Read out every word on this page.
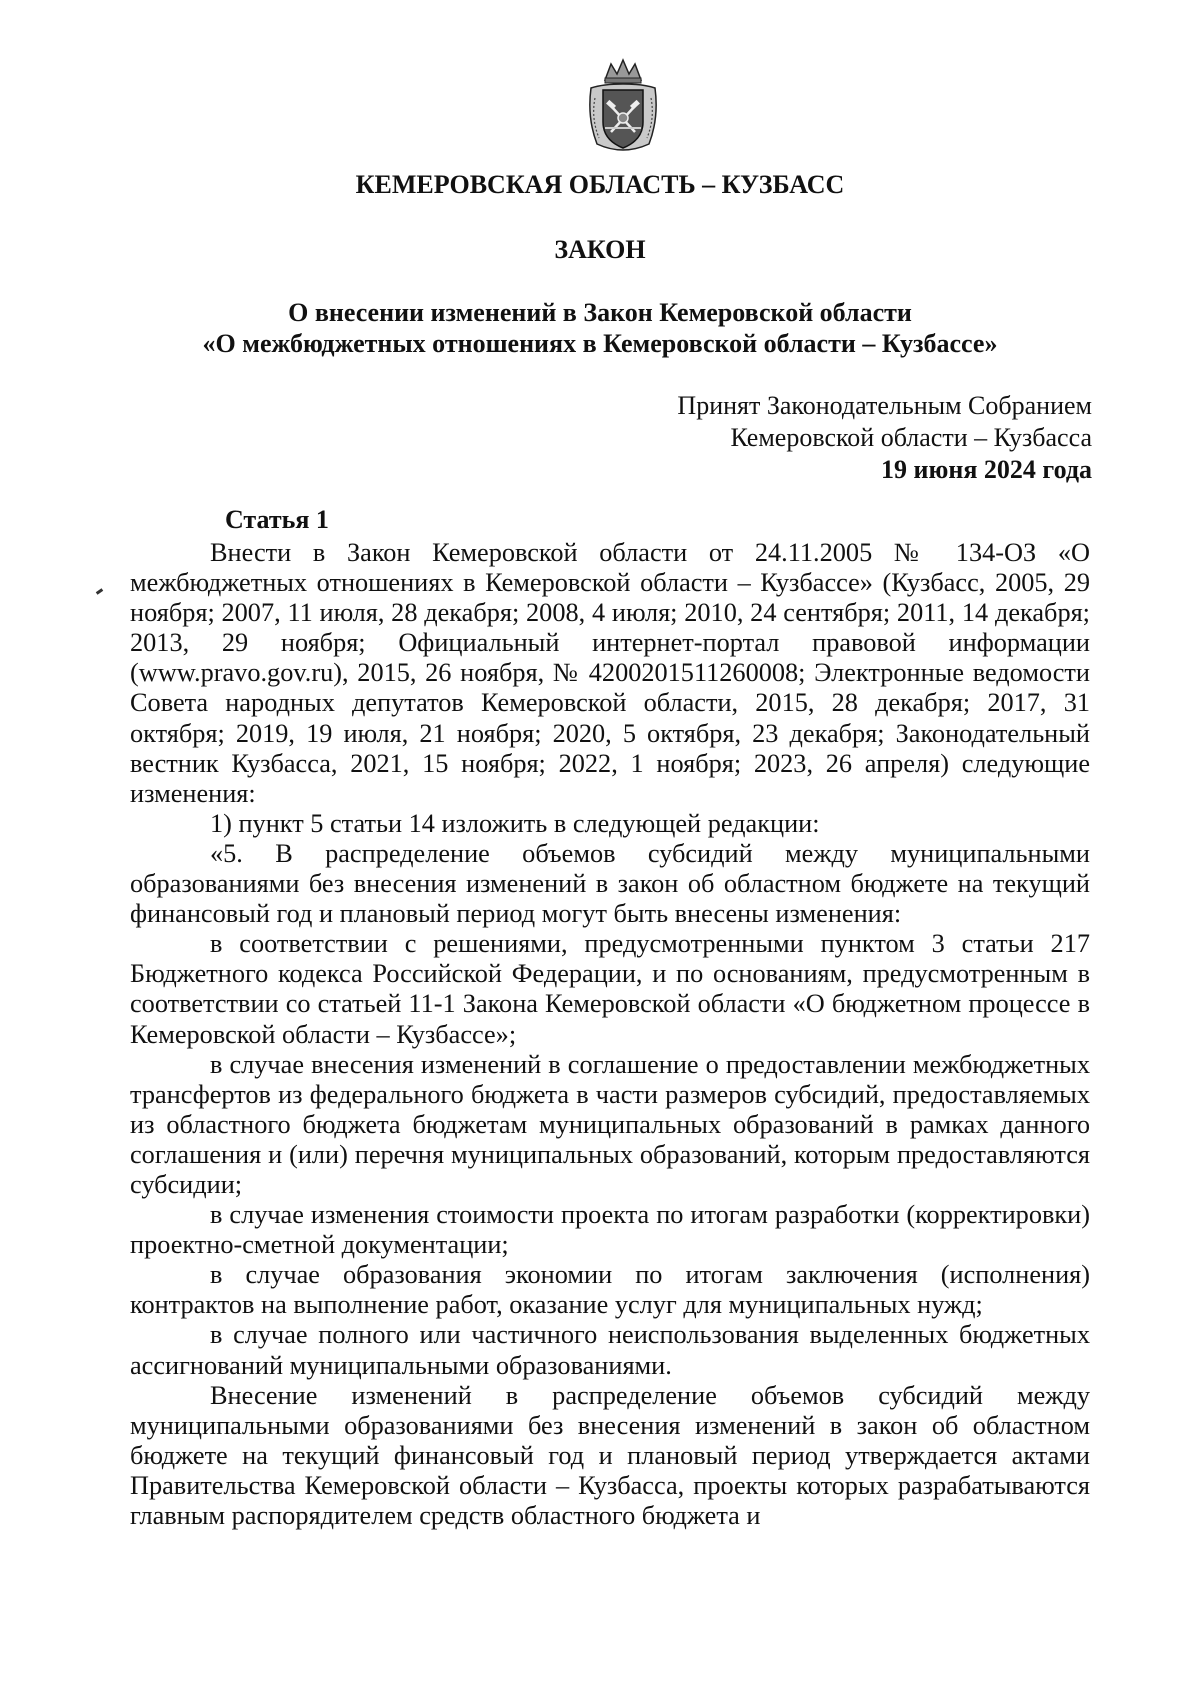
КЕМЕРОВСКАЯ ОБЛАСТЬ – КУЗБАСС
ЗАКОН
О внесении изменений в Закон Кемеровской области
«О межбюджетных отношениях в Кемеровской области – Кузбассе»
Принят Законодательным Собранием
Кемеровской области – Кузбасса
19 июня 2024 года
Статья 1

Внести в Закон Кемеровской области от 24.11.2005 № 134-ОЗ «О межбюджетных отношениях в Кемеровской области – Кузбассе» (Кузбасс, 2005, 29 ноября; 2007, 11 июля, 28 декабря; 2008, 4 июля; 2010, 24 сентября; 2011, 14 декабря; 2013, 29 ноября; Официальный интернет-портал правовой информации (www.pravo.gov.ru), 2015, 26 ноября, № 4200201511260008; Электронные ведомости Совета народных депутатов Кемеровской области, 2015, 28 декабря; 2017, 31 октября; 2019, 19 июля, 21 ноября; 2020, 5 октября, 23 декабря; Законодательный вестник Кузбасса, 2021, 15 ноября; 2022, 1 ноября; 2023, 26 апреля) следующие изменения:

1) пункт 5 статьи 14 изложить в следующей редакции:

«5. В распределение объемов субсидий между муниципальными образованиями без внесения изменений в закон об областном бюджете на текущий финансовый год и плановый период могут быть внесены изменения:

в соответствии с решениями, предусмотренными пунктом 3 статьи 217 Бюджетного кодекса Российской Федерации, и по основаниям, предусмотренным в соответствии со статьей 11-1 Закона Кемеровской области «О бюджетном процессе в Кемеровской области – Кузбассе»;

в случае внесения изменений в соглашение о предоставлении межбюджетных трансфертов из федерального бюджета в части размеров субсидий, предоставляемых из областного бюджета бюджетам муниципальных образований в рамках данного соглашения и (или) перечня муниципальных образований, которым предоставляются субсидии;

в случае изменения стоимости проекта по итогам разработки (корректировки) проектно-сметной документации;

в случае образования экономии по итогам заключения (исполнения) контрактов на выполнение работ, оказание услуг для муниципальных нужд;

в случае полного или частичного неиспользования выделенных бюджетных ассигнований муниципальными образованиями.

Внесение изменений в распределение объемов субсидий между муниципальными образованиями без внесения изменений в закон об областном бюджете на текущий финансовый год и плановый период утверждается актами Правительства Кемеровской области – Кузбасса, проекты которых разрабатываются главным распорядителем средств областного бюджета и
